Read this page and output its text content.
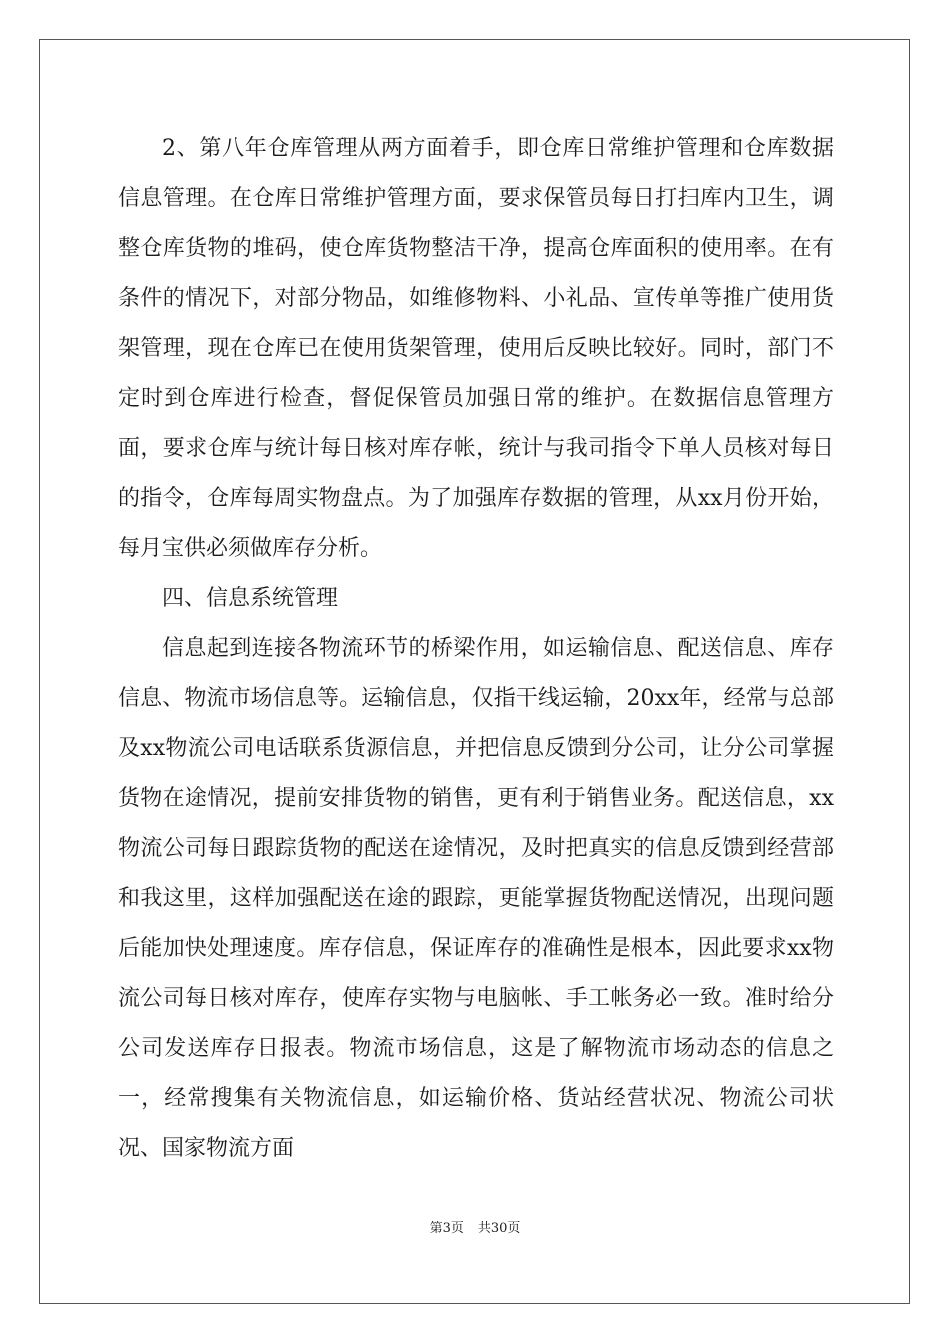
2、第八年仓库管理从两方面着手，即仓库日常维护管理和仓库数据信息管理。在仓库日常维护管理方面，要求保管员每日打扫库内卫生，调整仓库货物的堆码，使仓库货物整洁干净，提高仓库面积的使用率。在有条件的情况下，对部分物品，如维修物料、小礼品、宣传单等推广使用货架管理，现在仓库已在使用货架管理，使用后反映比较好。同时，部门不定时到仓库进行检查，督促保管员加强日常的维护。在数据信息管理方面，要求仓库与统计每日核对库存帐，统计与我司指令下单人员核对每日的指令，仓库每周实物盘点。为了加强库存数据的管理，从xx月份开始，每月宝供必须做库存分析。

四、信息系统管理

信息起到连接各物流环节的桥梁作用，如运输信息、配送信息、库存信息、物流市场信息等。运输信息，仅指干线运输，20xx年，经常与总部及xx物流公司电话联系货源信息，并把信息反馈到分公司，让分公司掌握货物在途情况，提前安排货物的销售，更有利于销售业务。配送信息，xx物流公司每日跟踪货物的配送在途情况，及时把真实的信息反馈到经营部和我这里，这样加强配送在途的跟踪，更能掌握货物配送情况，出现问题后能加快处理速度。库存信息，保证库存的准确性是根本，因此要求xx物流公司每日核对库存，使库存实物与电脑帐、手工帐务必一致。准时给分公司发送库存日报表。物流市场信息，这是了解物流市场动态的信息之一，经常搜集有关物流信息，如运输价格、货站经营状况、物流公司状况、国家物流方面

第3页 共30页
